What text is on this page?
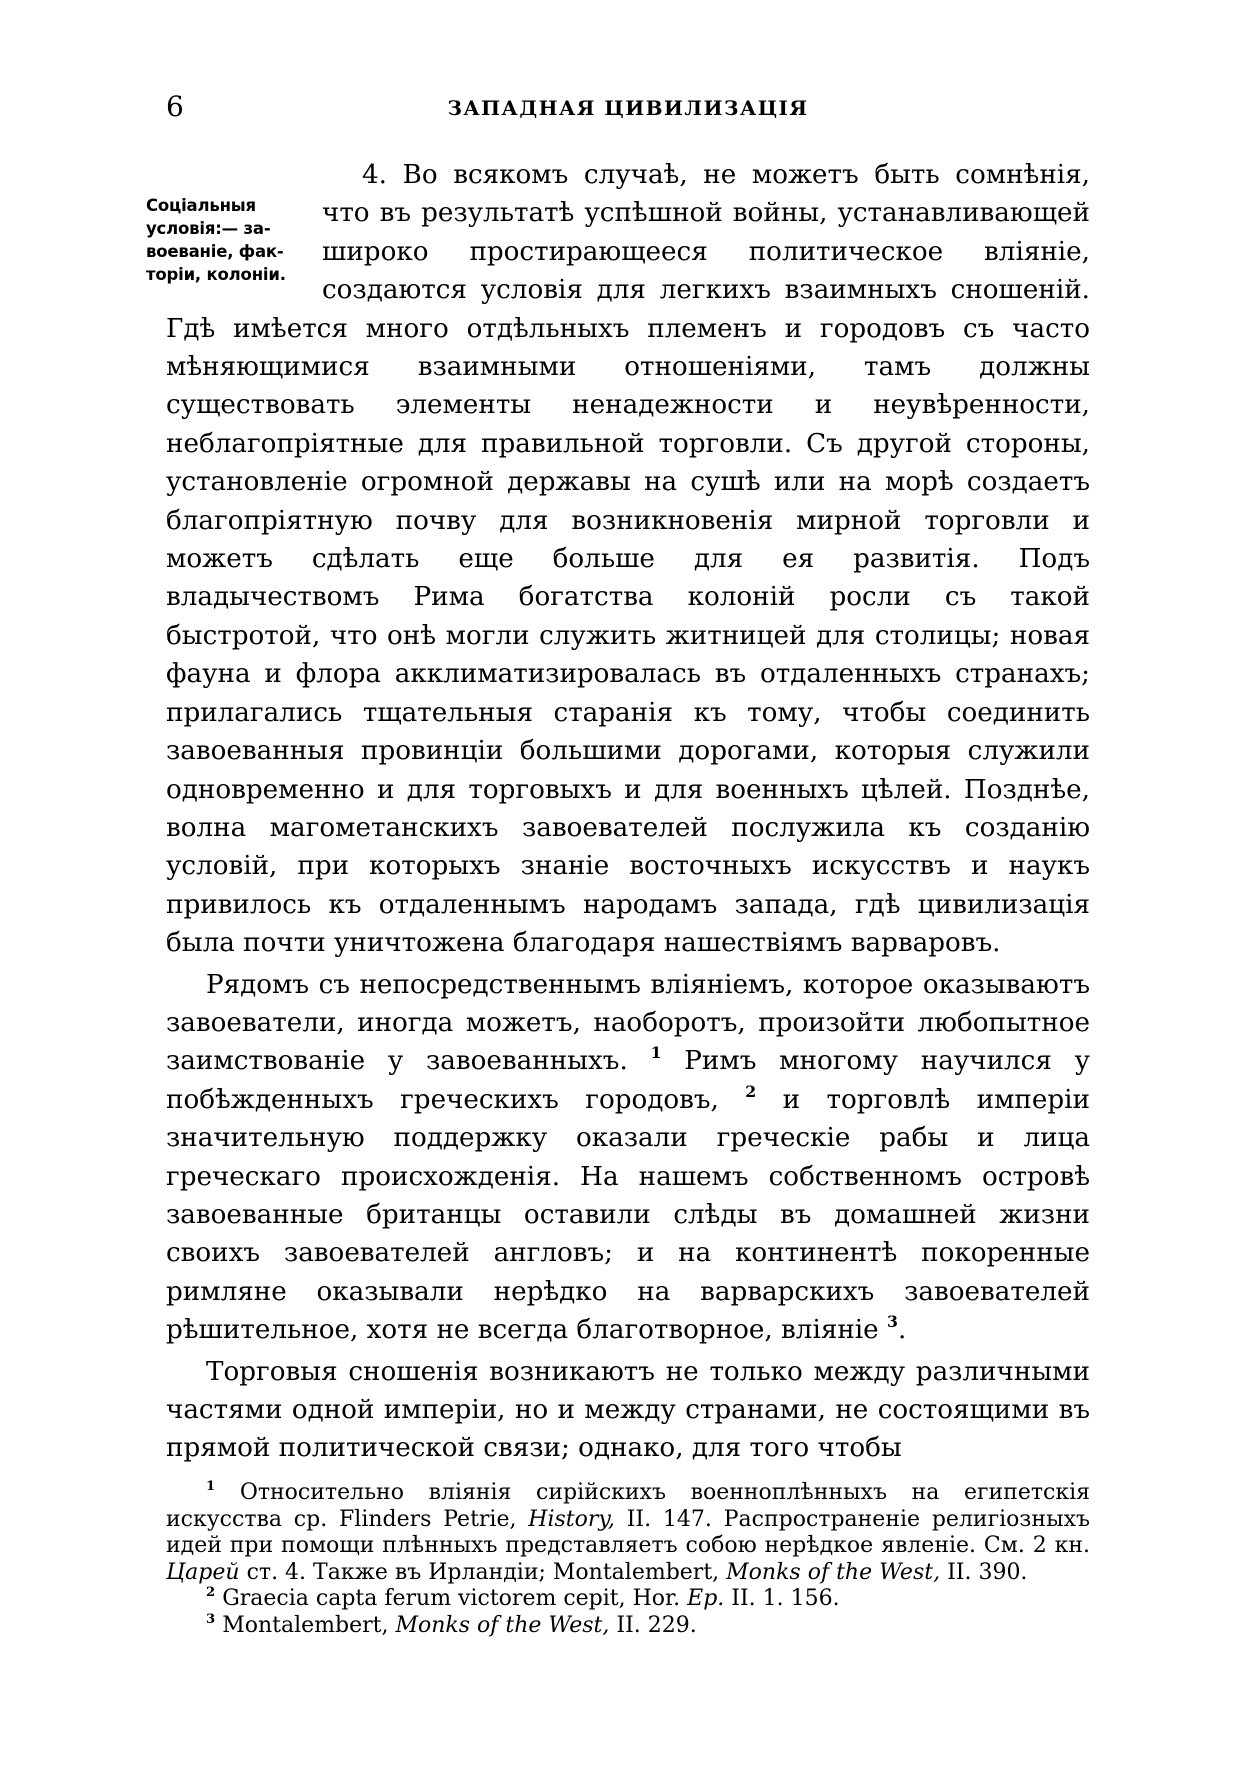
6	ЗАПАДНАЯ ЦИВИЛИЗАЦІЯ
Соціальныя
условія:— за-
воеваніе, фак-
торіи, колоніи.

4. Во всякомъ случаѣ, не можетъ быть сомнѣнія, что въ результатѣ успѣшной войны, устанавливающей широко простирающееся политическое вліяніе, создаются условія для легкихъ взаимныхъ сношеній. Гдѣ имѣется много отдѣльныхъ племенъ и городовъ съ часто мѣняющимися взаимными отношеніями, тамъ должны существовать элементы ненадежности и неувѣренности, неблагопріятные для правильной торговли. Съ другой стороны, установленіе огромной державы на сушѣ или на морѣ создаетъ благопріятную почву для возникновенія мирной торговли и можетъ сдѣлать еще больше для ея развитія. Подъ владычествомъ Рима богатства колоній росли съ такой быстротой, что онѣ могли служить житницей для столицы; новая фауна и флора акклиматизировалась въ отдаленныхъ странахъ; прилагались тщательныя старанія къ тому, чтобы соединить завоеванныя провинціи большими дорогами, которыя служили одновременно и для торговыхъ и для военныхъ цѣлей. Позднѣе, волна магометанскихъ завоевателей послужила къ созданію условій, при которыхъ знаніе восточныхъ искусствъ и наукъ привилось къ отдаленнымъ народамъ запада, гдѣ цивилизація была почти уничтожена благодаря нашествіямъ варваровъ.

Рядомъ съ непосредственнымъ вліяніемъ, которое оказываютъ завоеватели, иногда можетъ, наоборотъ, произойти любопытное заимствованіе у завоеванныхъ. $^1$ Римъ многому научился у побѣжденныхъ греческихъ городовъ, $^2$ и торговлѣ имперіи значительную поддержку оказали греческіе рабы и лица греческаго происхожденія. На нашемъ собственномъ островѣ завоеванные британцы оставили слѣды въ домашней жизни своихъ завоевателей англовъ; и на континентѣ покоренные римляне оказывали нерѣдко на варварскихъ завоевателей рѣшительное, хотя не всегда благотворное, вліяніе $^3$.

Торговыя сношенія возникаютъ не только между различными частями одной имперіи, но и между странами, не состоящими въ прямой политической связи; однако, для того чтобы

$^1$ Относительно вліянія сирійскихъ военноплѣнныхъ на египетскія искусства ср. Flinders Petrie, History, II. 147. Распространеніе религіозныхъ идей при помощи плѣнныхъ представляетъ собою нерѣдкое явленіе. См. 2 кн. Царей ст. 4. Также въ Ирландіи; Montalembert, Monks of the West, II. 390.

$^2$ Graecia capta ferum victorem cepit, Hor. Ep. II. 1. 156.

$^3$ Montalembert, Monks of the West, II. 229.
